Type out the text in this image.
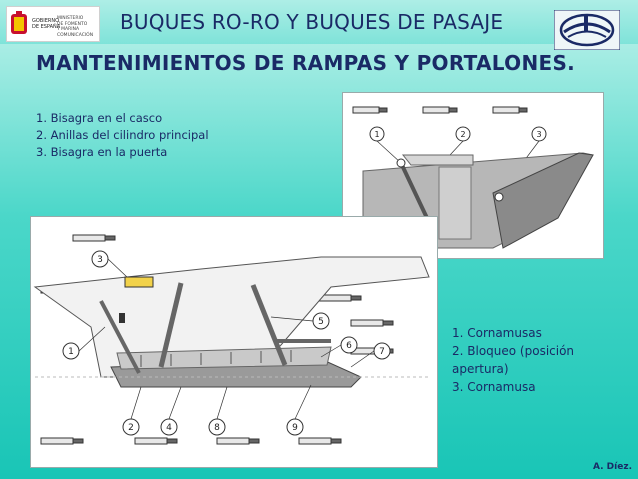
GOBIERNO
DE ESPAÑA
MINISTERIO
DE FOMENTO
Y MARINA
COMUNICACIÓN
BUQUES RO-RO Y BUQUES DE PASAJE
MANTENIMIENTOS DE RAMPAS Y PORTALONES.
1. Bisagra en el casco
2. Anillas del cilindro principal
3. Bisagra en la puerta
1	2	3
1
2
3
4
5
6
7
8	9
1. Cornamusas
2. Bloqueo (posición
apertura)
3. Cornamusa
A. Díez.
